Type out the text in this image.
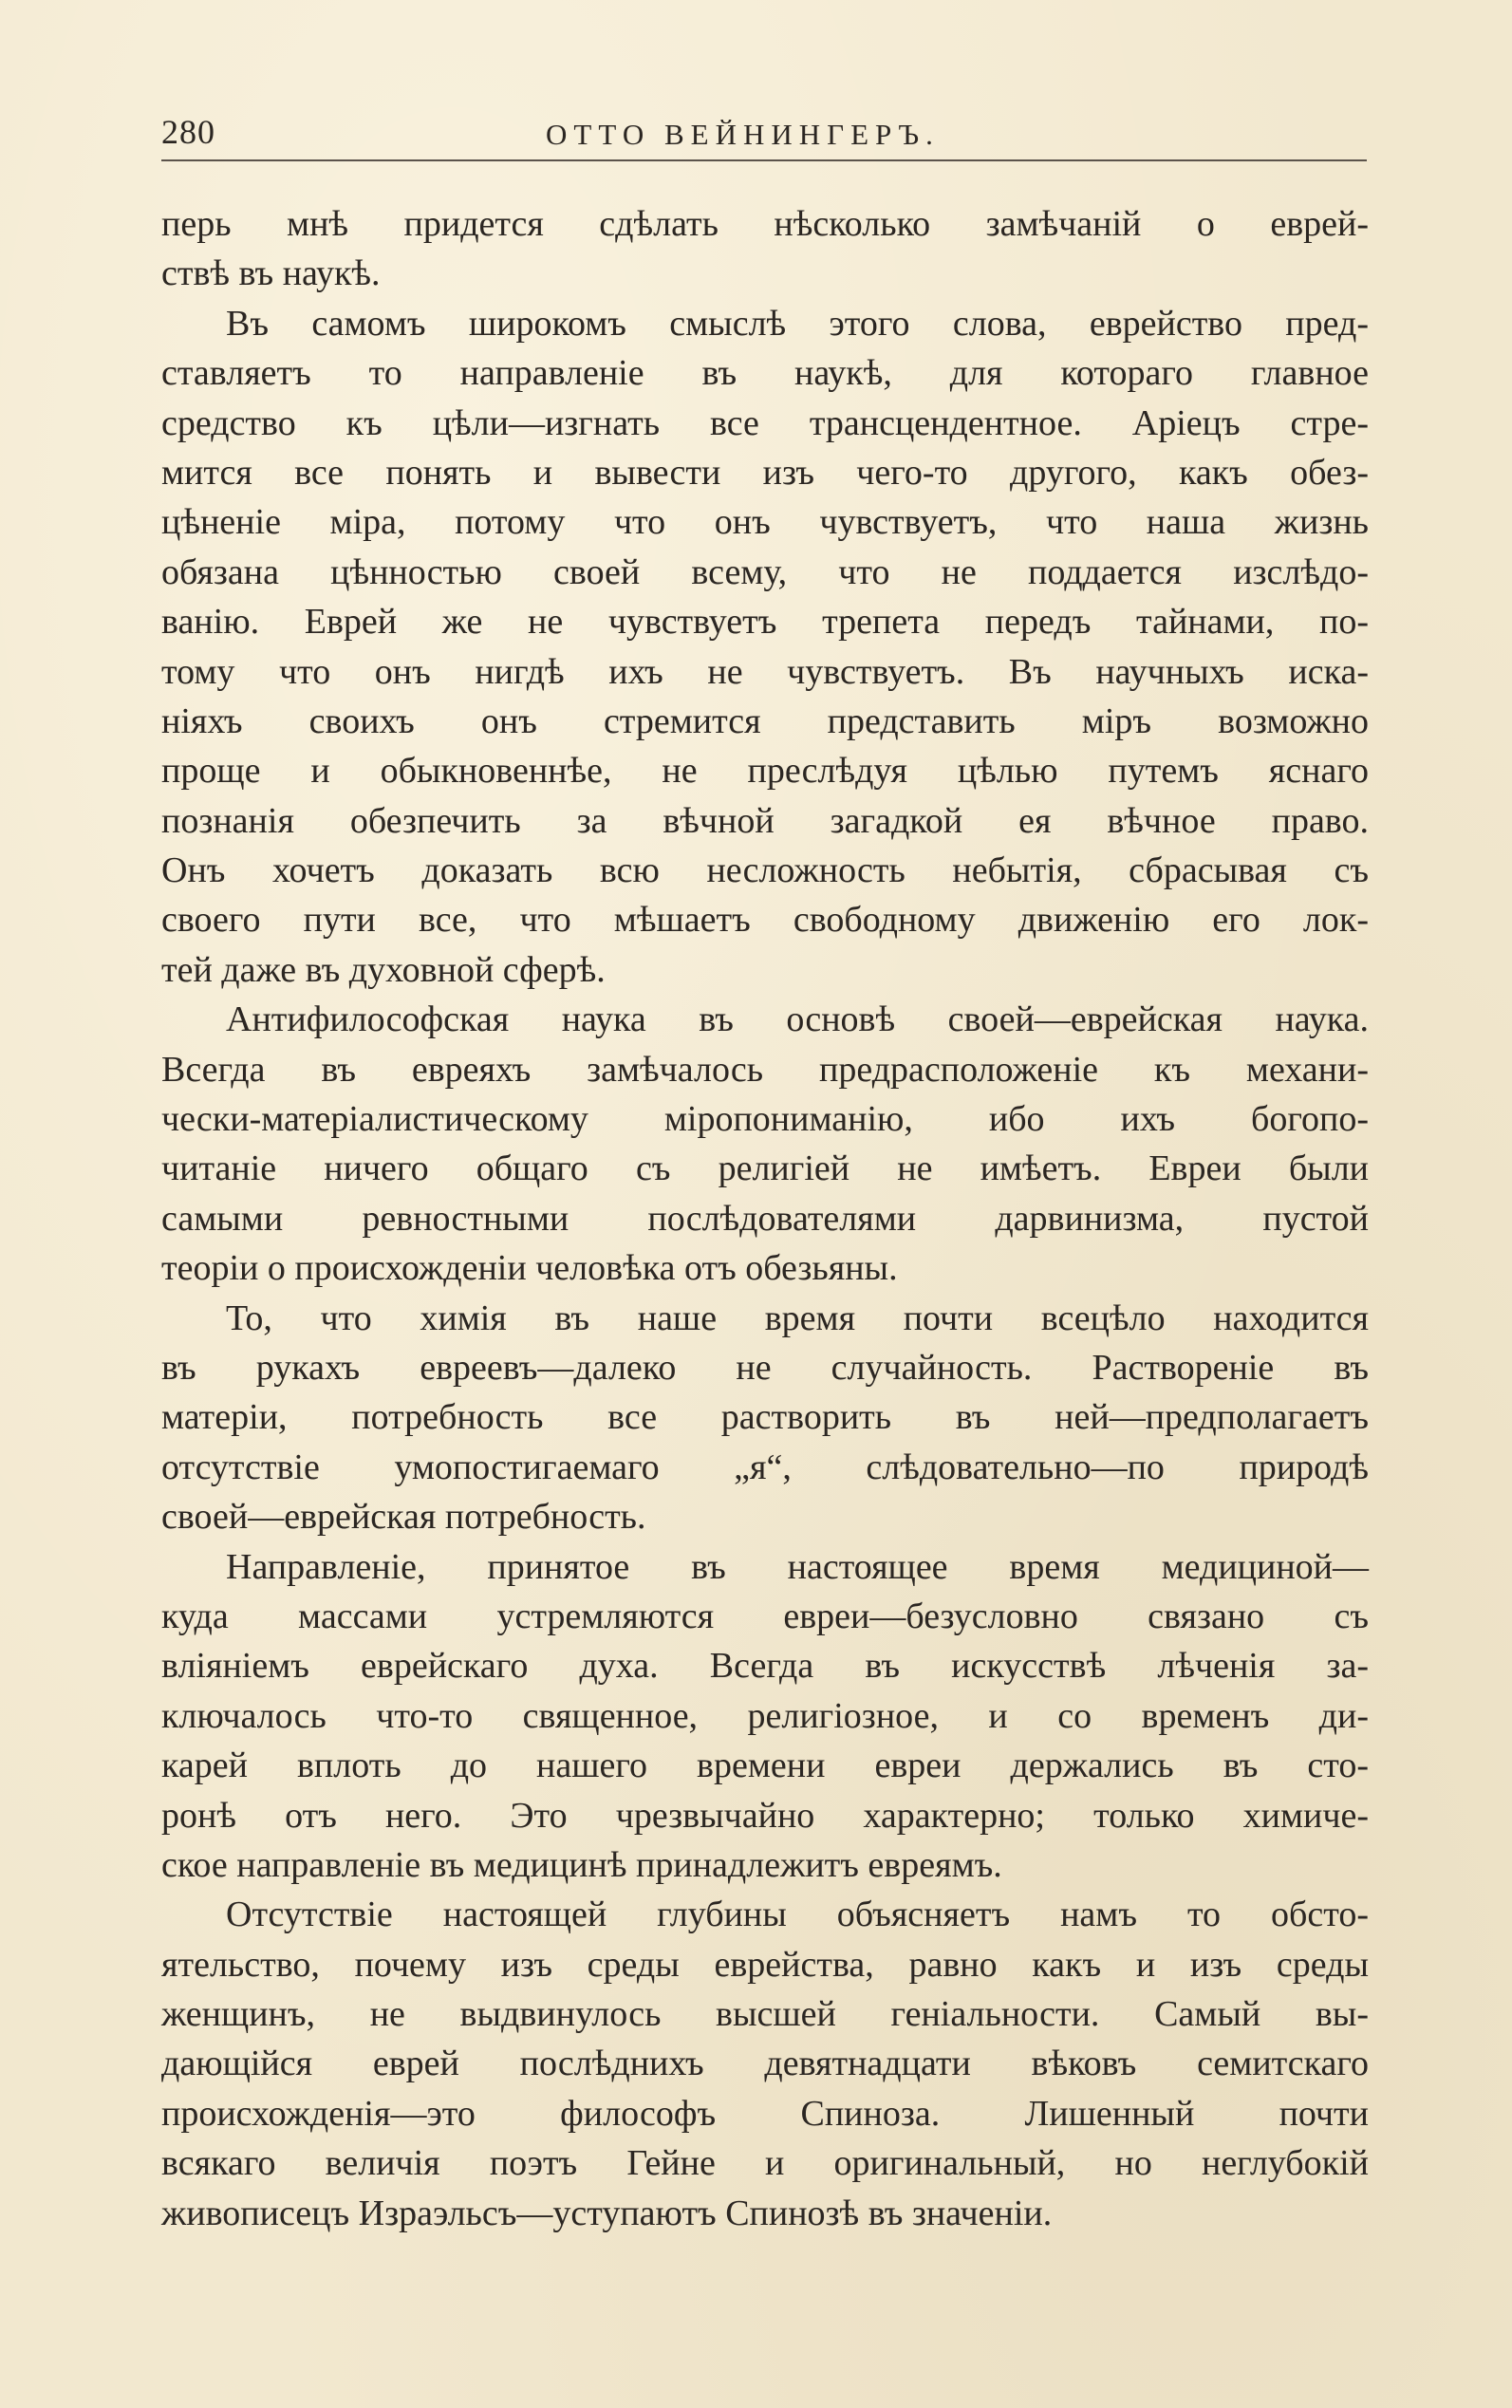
280	ОТТО ВЕЙНИНГЕРЪ.
перь мнѣ придется сдѣлать нѣсколько замѣчаній о еврей-
ствѣ въ наукѣ.
Въ самомъ широкомъ смыслѣ этого слова, еврейство пред-
ставляетъ то направленіе въ наукѣ, для котораго главное
средство къ цѣли—изгнать все трансцендентное. Аріецъ стре-
мится все понять и вывести изъ чего-то другого, какъ обез-
цѣненіе міра, потому что онъ чувствуетъ, что наша жизнь
обязана цѣнностью своей всему, что не поддается изслѣдо-
ванію. Еврей же не чувствуетъ трепета передъ тайнами, по-
тому что онъ нигдѣ ихъ не чувствуетъ. Въ научныхъ иска-
ніяхъ своихъ онъ стремится представить міръ возможно
проще и обыкновеннѣе, не преслѣдуя цѣлью путемъ яснаго
познанія обезпечить за вѣчной загадкой ея вѣчное право.
Онъ хочетъ доказать всю несложность небытія, сбрасывая съ
своего пути все, что мѣшаетъ свободному движенію его лок-
тей даже въ духовной сферѣ.
Антифилософская наука въ основѣ своей—еврейская наука.
Всегда въ евреяхъ замѣчалось предрасположеніе къ механи-
чески-матеріалистическому міропониманію, ибо ихъ богопо-
читаніе ничего общаго съ религіей не имѣетъ. Евреи были
самыми ревностными послѣдователями дарвинизма, пустой
теоріи о происхожденіи человѣка отъ обезьяны.
То, что химія въ наше время почти всецѣло находится
въ рукахъ евреевъ—далеко не случайность. Раствореніе въ
матеріи, потребность все растворить въ ней—предполагаетъ
отсутствіе умопостигаемаго „я“, слѣдовательно—по природѣ
своей—еврейская потребность.
Направленіе, принятое въ настоящее время медициной—
куда массами устремляются евреи—безусловно связано съ
вліяніемъ еврейскаго духа. Всегда въ искусствѣ лѣченія за-
ключалось что-то священное, религіозное, и со временъ ди-
карей вплоть до нашего времени евреи держались въ сто-
ронѣ отъ него. Это чрезвычайно характерно; только химиче-
ское направленіе въ медицинѣ принадлежитъ евреямъ.
Отсутствіе настоящей глубины объясняетъ намъ то обсто-
ятельство, почему изъ среды еврейства, равно какъ и изъ среды
женщинъ, не выдвинулось высшей геніальности. Самый вы-
дающійся еврей послѣднихъ девятнадцати вѣковъ семитскаго
происхожденія—это философъ Спиноза. Лишенный почти
всякаго величія поэтъ Гейне и оригинальный, но неглубокій
живописецъ Израэльсъ—уступаютъ Спинозѣ въ значеніи.
